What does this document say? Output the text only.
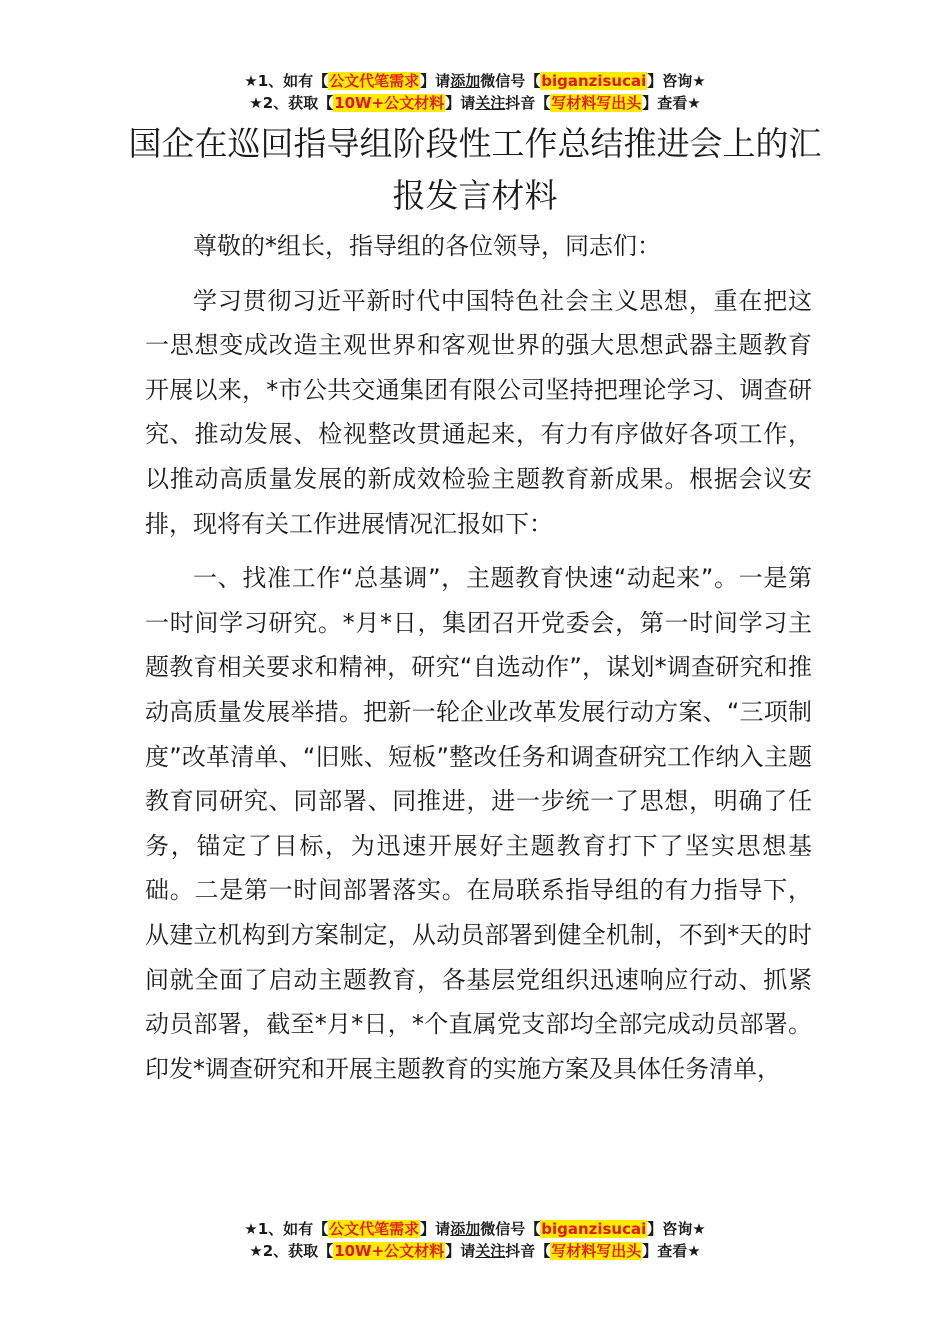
★1、如有【公文代笔需求】请添加微信号【biganzisucai】咨询★
★2、获取【10W+公文材料】请关注抖音【写材料写出头】查看★
国企在巡回指导组阶段性工作总结推进会上的汇报发言材料

尊敬的*组长，指导组的各位领导，同志们：

学习贯彻习近平新时代中国特色社会主义思想，重在把这一思想变成改造主观世界和客观世界的强大思想武器主题教育开展以来，*市公共交通集团有限公司坚持把理论学习、调查研究、推动发展、检视整改贯通起来，有力有序做好各项工作，以推动高质量发展的新成效检验主题教育新成果。根据会议安排，现将有关工作进展情况汇报如下：

一、找准工作“总基调”，主题教育快速“动起来”。一是第一时间学习研究。*月*日，集团召开党委会，第一时间学习主题教育相关要求和精神，研究“自选动作”，谋划*调查研究和推动高质量发展举措。把新一轮企业改革发展行动方案、“三项制度”改革清单、“旧账、短板”整改任务和调查研究工作纳入主题教育同研究、同部署、同推进，进一步统一了思想，明确了任务，锚定了目标，为迅速开展好主题教育打下了坚实思想基础。二是第一时间部署落实。在局联系指导组的有力指导下，从建立机构到方案制定，从动员部署到健全机制，不到*天的时间就全面了启动主题教育，各基层党组织迅速响应行动、抓紧动员部署，截至*月*日，*个直属党支部均全部完成动员部署。印发*调查研究和开展主题教育的实施方案及具体任务清单，

★1、如有【公文代笔需求】请添加微信号【biganzisucai】咨询★
★2、获取【10W+公文材料】请关注抖音【写材料写出头】查看★
